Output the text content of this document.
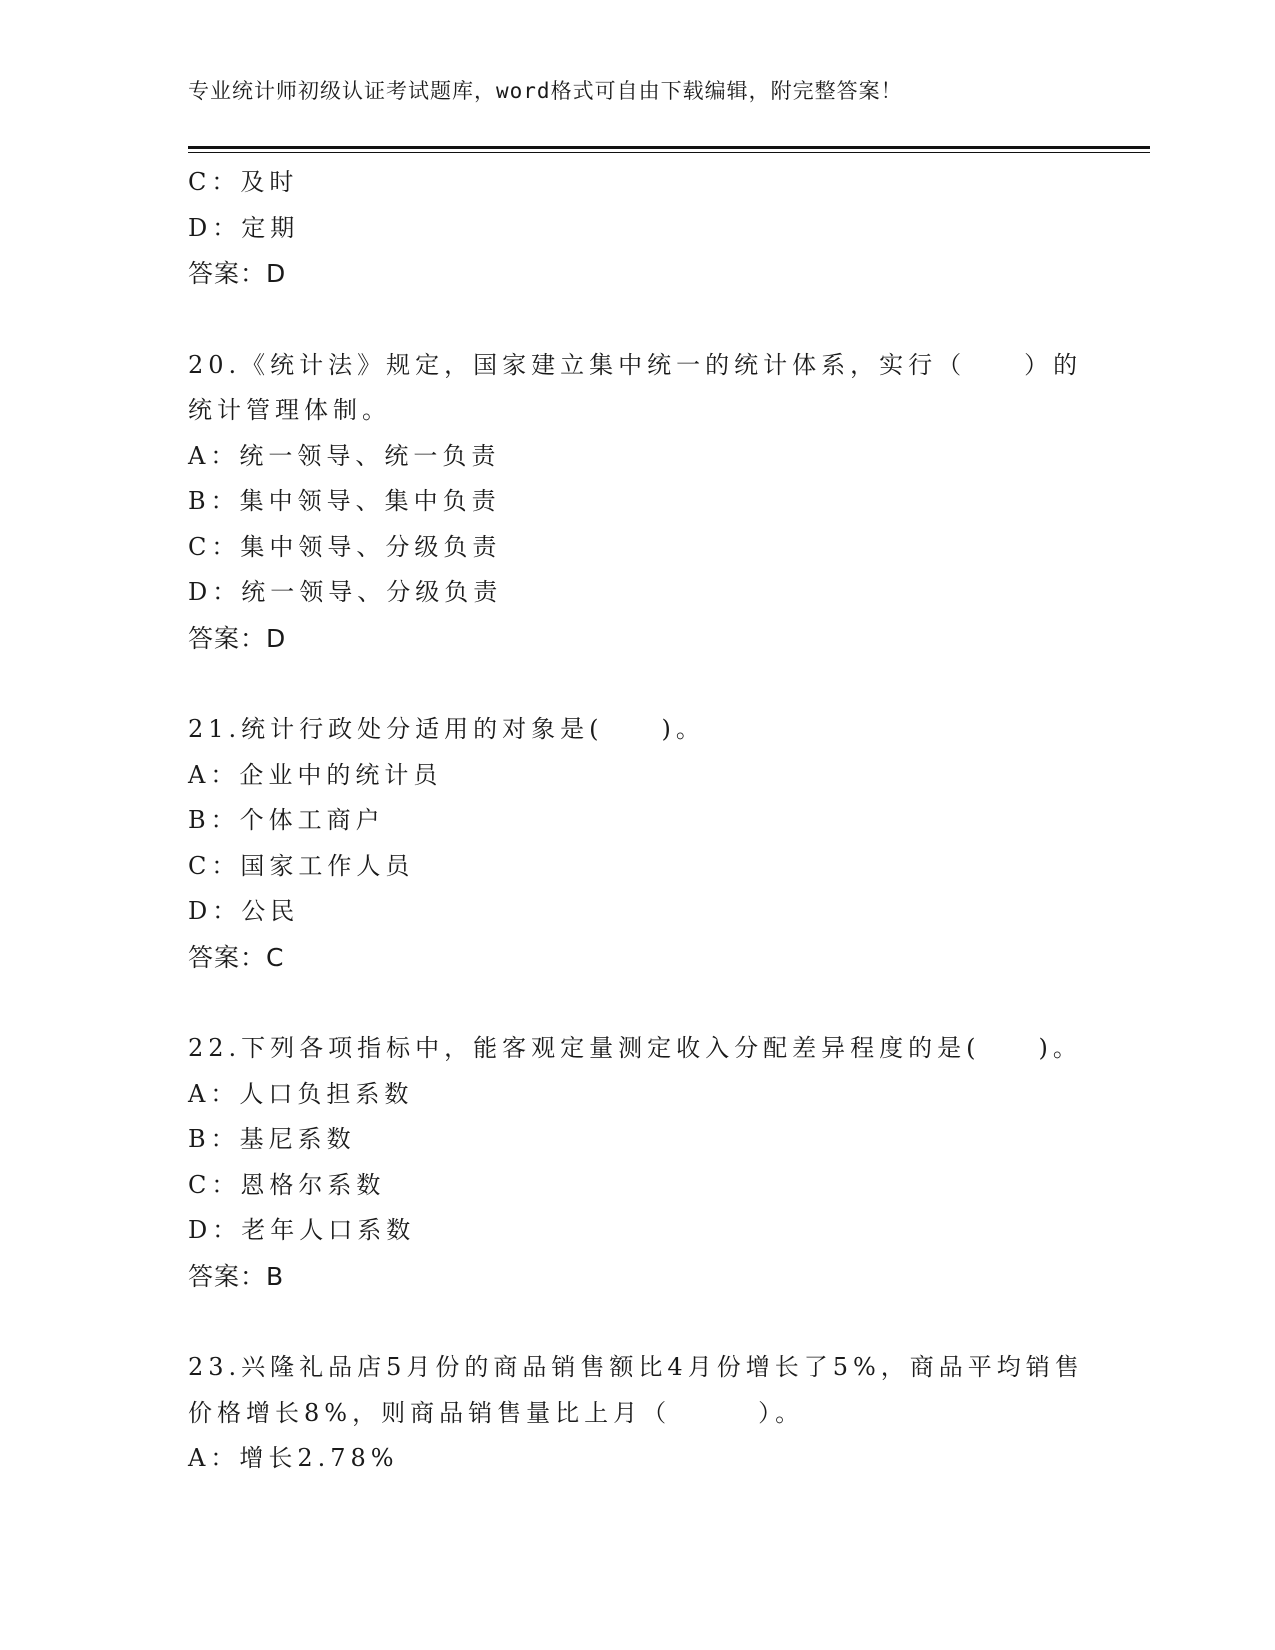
专业统计师初级认证考试题库，word格式可自由下载编辑，附完整答案！
C：及时
D：定期
答案：D
20.《统计法》规定，国家建立集中统一的统计体系，实行（　　）的
统计管理体制。
A：统一领导、统一负责
B：集中领导、集中负责
C：集中领导、分级负责
D：统一领导、分级负责
答案：D
21.统计行政处分适用的对象是(　　)。
A：企业中的统计员
B：个体工商户
C：国家工作人员
D：公民
答案：C
22.下列各项指标中，能客观定量测定收入分配差异程度的是(　　)。
A：人口负担系数
B：基尼系数
C：恩格尔系数
D：老年人口系数
答案：B
23.兴隆礼品店5月份的商品销售额比4月份增长了5%，商品平均销售
价格增长8%，则商品销售量比上月（　　　）。
A：增长2.78%
